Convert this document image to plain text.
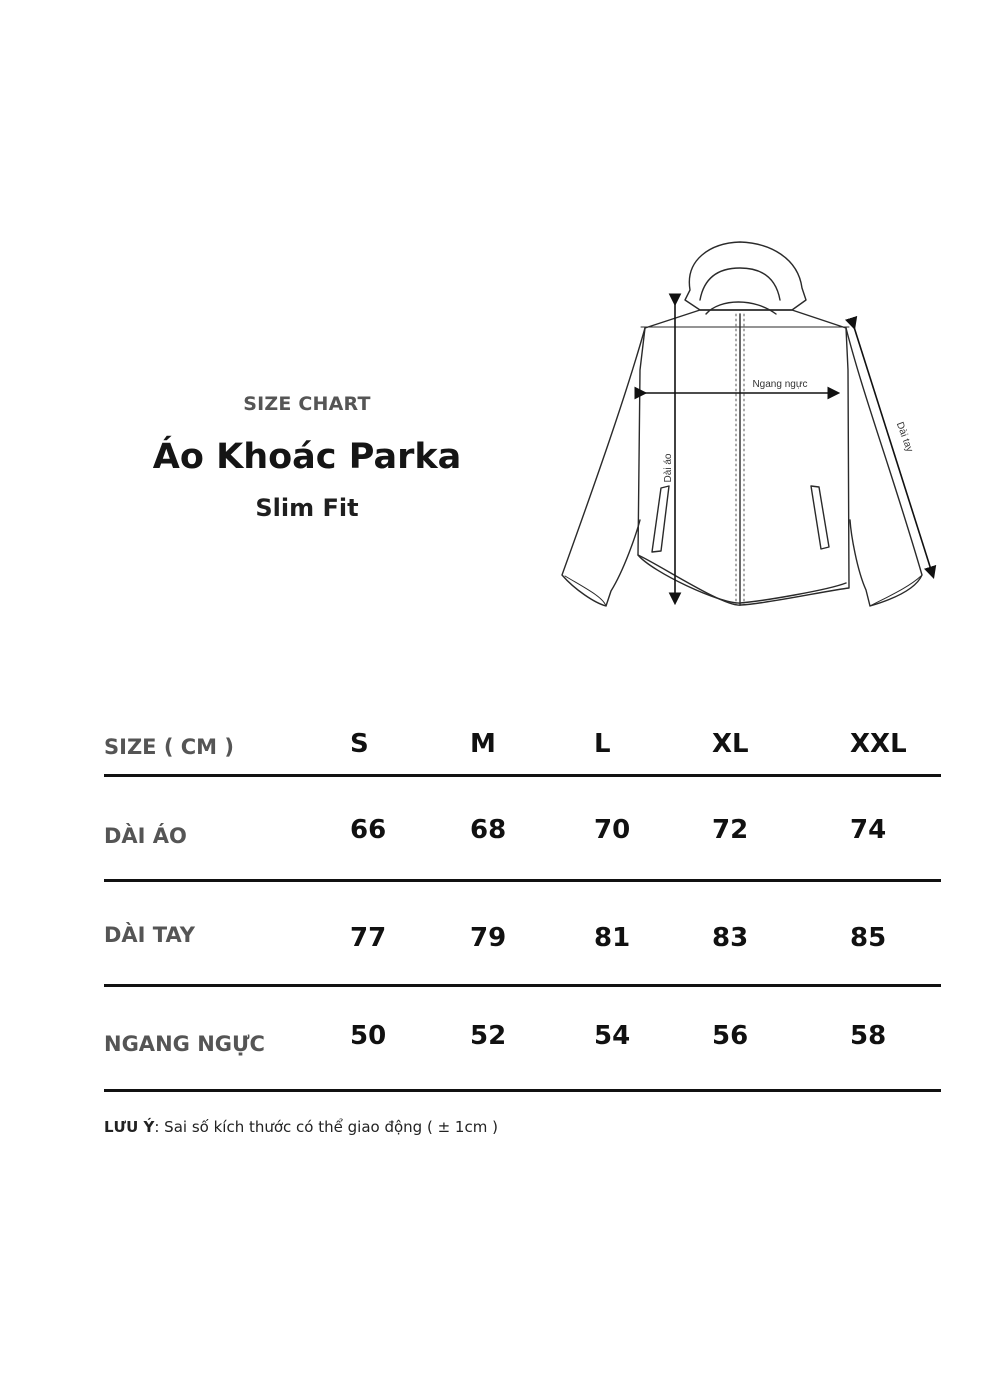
SIZE CHART
Áo Khoác Parka
Slim Fit
Ngang ngực
Dài áo
Dài tay
SIZE ( CM )	S	M	L	XL	XXL
DÀI ÁO	66	68	70	72	74
DÀI TAY	77	79	81	83	85
NGANG NGỰC	50	52	54	56	58
LƯU Ý: Sai số kích thước có thể giao động ( ± 1cm )
